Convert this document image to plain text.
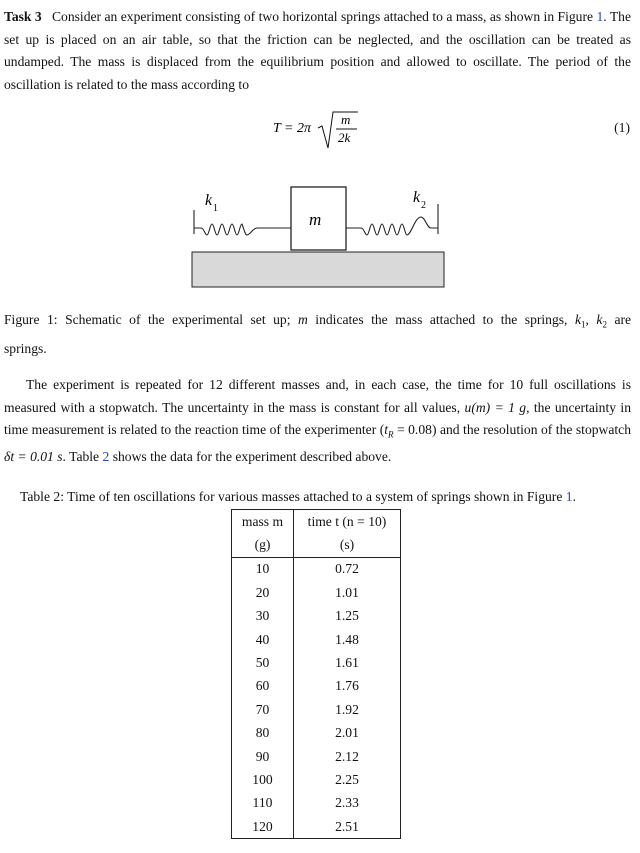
Task 3 Consider an experiment consisting of two horizontal springs attached to a mass, as shown in Figure 1. The set up is placed on an air table, so that the friction can be neglected, and the oscillation can be treated as undamped. The mass is displaced from the equilibrium position and allowed to oscillate. The period of the oscillation is related to the mass according to
T = 2π
m
2k
(1)
m
k 1
k 2
Figure 1: Schematic of the experimental set up; m indicates the mass attached to the springs, $k_1$, $k_2$ are springs.
The experiment is repeated for 12 different masses and, in each case, the time for 10 full oscillations is measured with a stopwatch. The uncertainty in the mass is constant for all values, u(m) = 1 g, the uncertainty in time measurement is related to the reaction time of the experimenter $(t_R = 0.08)$ and the resolution of the stopwatch δt = 0.01 s. Table 2 shows the data for the experiment described above.
Table 2: Time of ten oscillations for various masses attached to a system of springs shown in Figure 1.
mass m	time t (n = 10)
(g)	(s)
10	0.72
20	1.01
30	1.25
40	1.48
50	1.61
60	1.76
70	1.92
80	2.01
90	2.12
100	2.25
110	2.33
120	2.51
